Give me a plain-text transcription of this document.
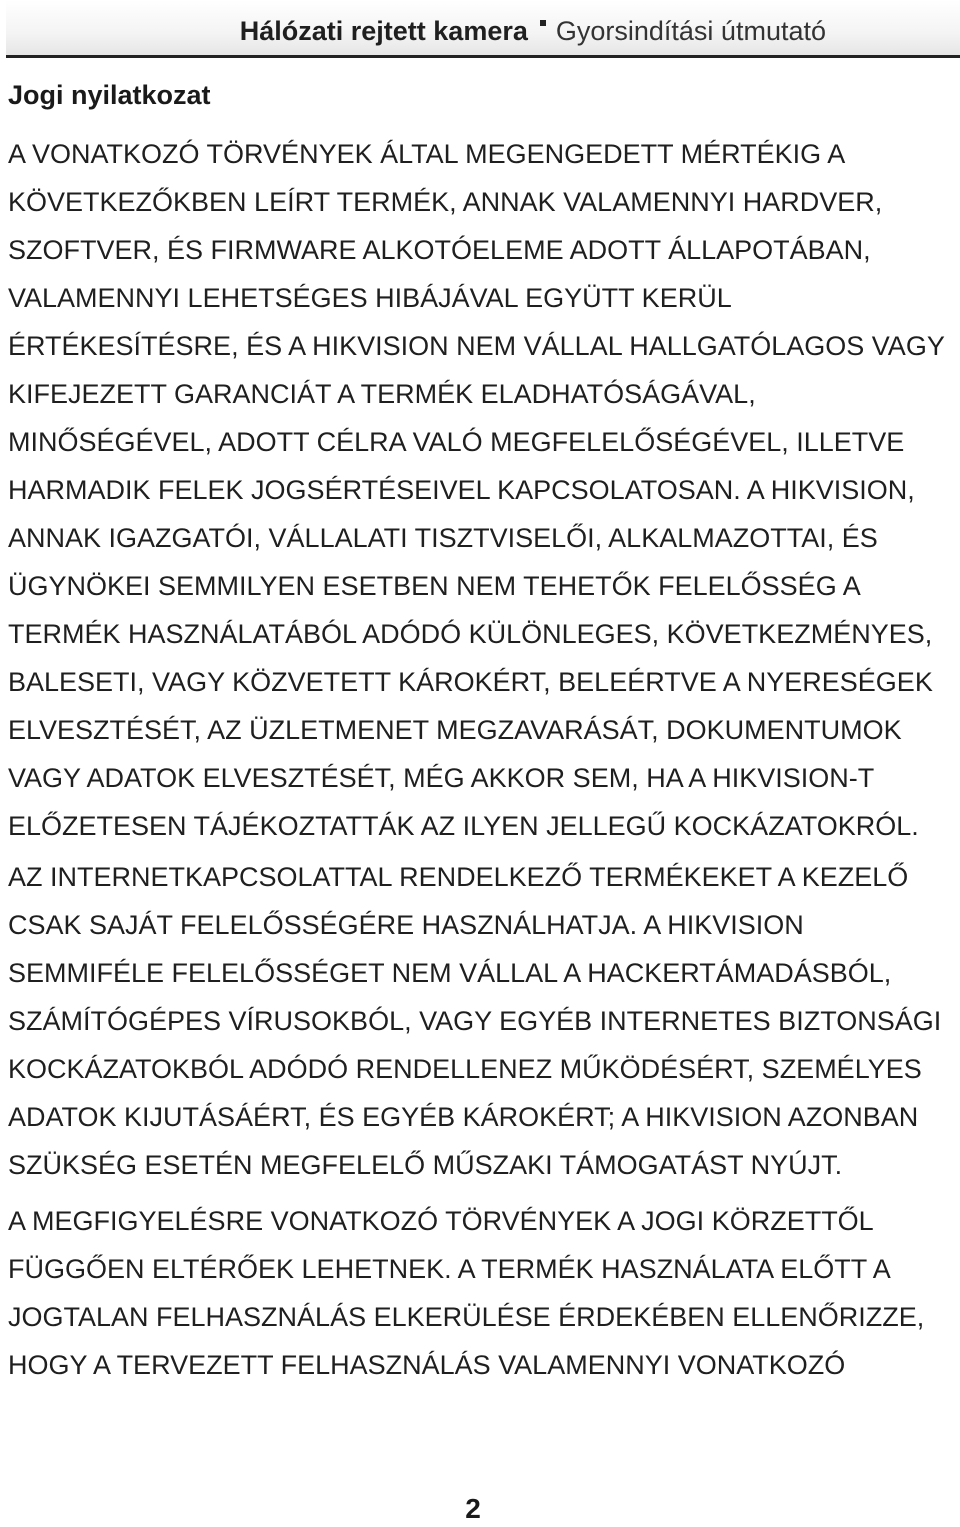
Hálózati rejtett kamera Gyorsindítási útmutató
Jogi nyilatkozat
A VONATKOZÓ TÖRVÉNYEK ÁLTAL MEGENGEDETT MÉRTÉKIG A
KÖVETKEZŐKBEN LEÍRT TERMÉK, ANNAK VALAMENNYI HARDVER,
SZOFTVER, ÉS FIRMWARE ALKOTÓELEME ADOTT ÁLLAPOTÁBAN,
VALAMENNYI LEHETSÉGES HIBÁJÁVAL EGYÜTT KERÜL
ÉRTÉKESÍTÉSRE, ÉS A HIKVISION NEM VÁLLAL HALLGATÓLAGOS VAGY
KIFEJEZETT GARANCIÁT A TERMÉK ELADHATÓSÁGÁVAL,
MINŐSÉGÉVEL, ADOTT CÉLRA VALÓ MEGFELELŐSÉGÉVEL, ILLETVE
HARMADIK FELEK JOGSÉRTÉSEIVEL KAPCSOLATOSAN. A HIKVISION,
ANNAK IGAZGATÓI, VÁLLALATI TISZTVISELŐI, ALKALMAZOTTAI, ÉS
ÜGYNÖKEI SEMMILYEN ESETBEN NEM TEHETŐK FELELŐSSÉG A
TERMÉK HASZNÁLATÁBÓL ADÓDÓ KÜLÖNLEGES, KÖVETKEZMÉNYES,
BALESETI, VAGY KÖZVETETT KÁROKÉRT, BELEÉRTVE A NYERESÉGEK
ELVESZTÉSÉT, AZ ÜZLETMENET MEGZAVARÁSÁT, DOKUMENTUMOK
VAGY ADATOK ELVESZTÉSÉT, MÉG AKKOR SEM, HA A HIKVISION-T
ELŐZETESEN TÁJÉKOZTATTÁK AZ ILYEN JELLEGŰ KOCKÁZATOKRÓL.
AZ INTERNETKAPCSOLATTAL RENDELKEZŐ TERMÉKEKET A KEZELŐ
CSAK SAJÁT FELELŐSSÉGÉRE HASZNÁLHATJA. A HIKVISION
SEMMIFÉLE FELELŐSSÉGET NEM VÁLLAL A HACKERTÁMADÁSBÓL,
SZÁMÍTÓGÉPES VÍRUSOKBÓL, VAGY EGYÉB INTERNETES BIZTONSÁGI
KOCKÁZATOKBÓL ADÓDÓ RENDELLENEZ MŰKÖDÉSÉRT, SZEMÉLYES
ADATOK KIJUTÁSÁÉRT, ÉS EGYÉB KÁROKÉRT; A HIKVISION AZONBAN
SZÜKSÉG ESETÉN MEGFELELŐ MŰSZAKI TÁMOGATÁST NYÚJT.
A MEGFIGYELÉSRE VONATKOZÓ TÖRVÉNYEK A JOGI KÖRZETTŐL
FÜGGŐEN ELTÉRŐEK LEHETNEK. A TERMÉK HASZNÁLATA ELŐTT A
JOGTALAN FELHASZNÁLÁS ELKERÜLÉSE ÉRDEKÉBEN ELLENŐRIZZE,
HOGY A TERVEZETT FELHASZNÁLÁS VALAMENNYI VONATKOZÓ
2
